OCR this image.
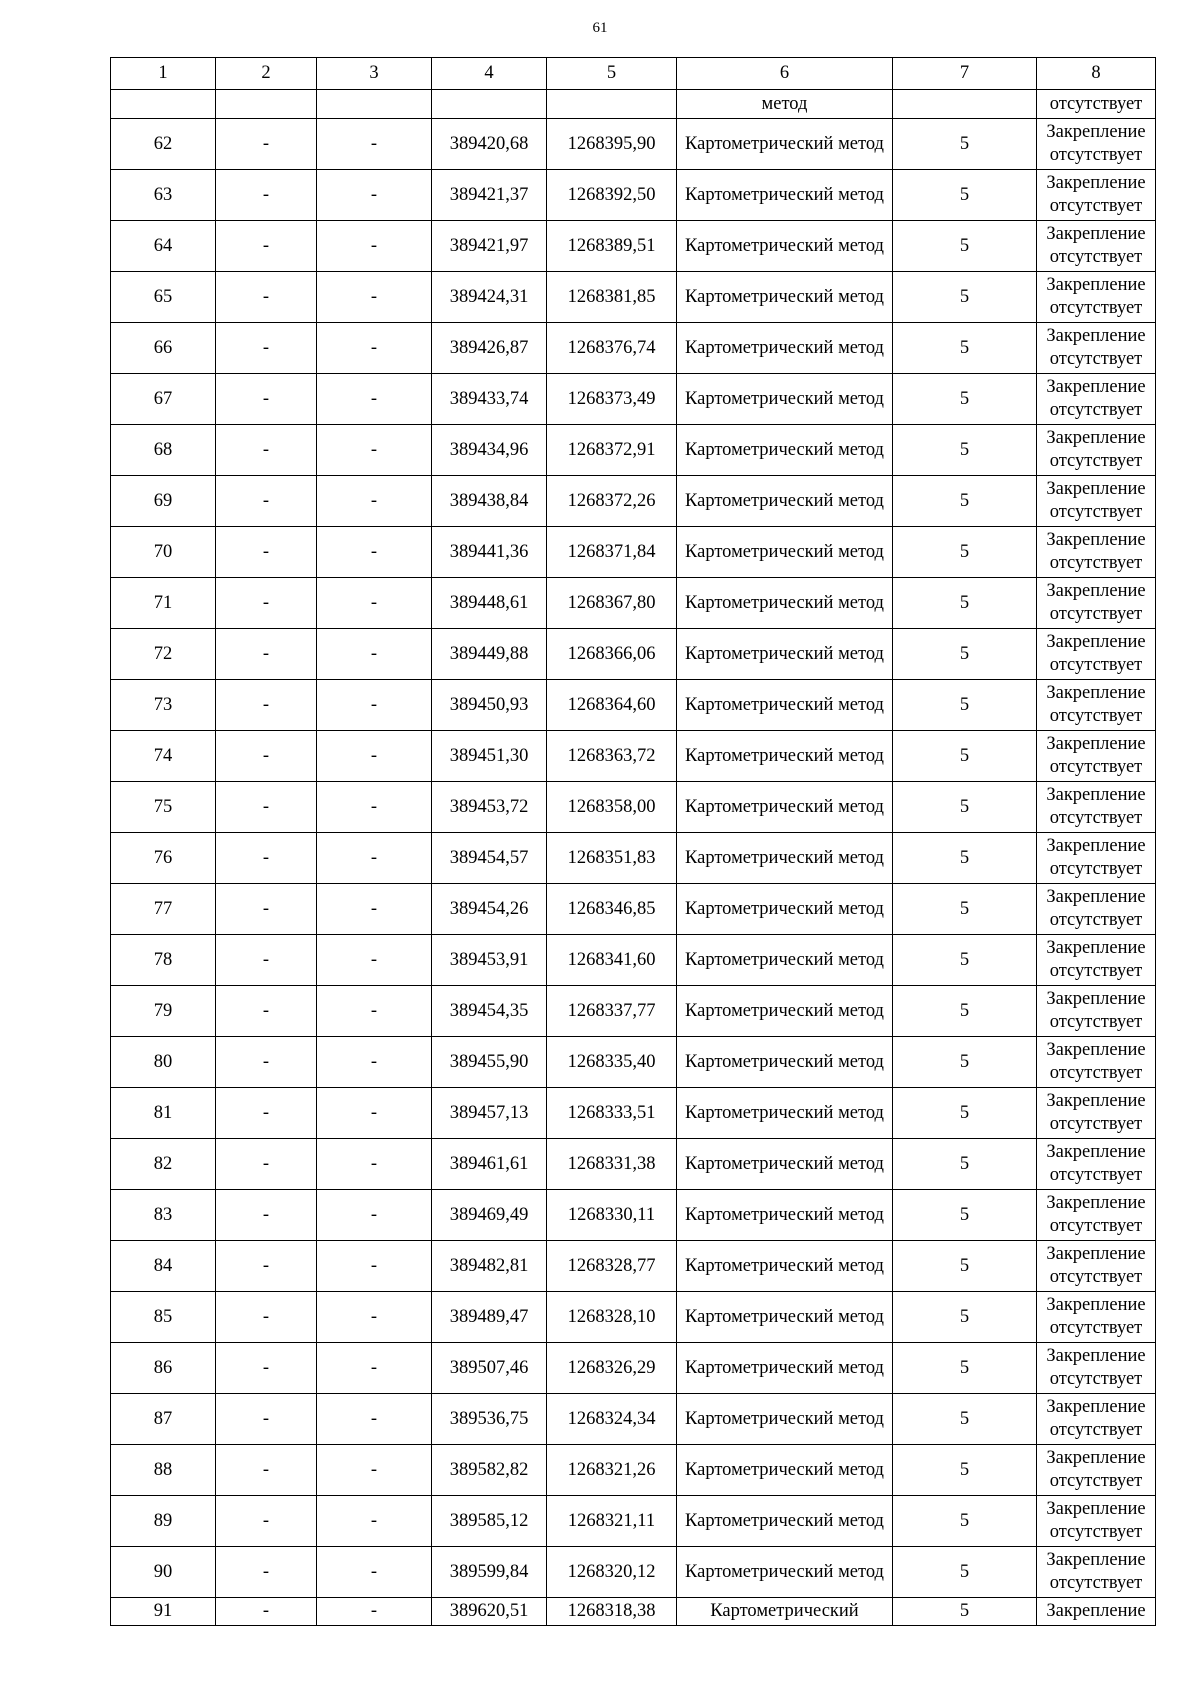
61
1	2	3	4	5	6	7	8
					метод		отсутствует
62	-	-	389420,68	1268395,90	Картометрический метод	5	Закрепление отсутствует
63	-	-	389421,37	1268392,50	Картометрический метод	5	Закрепление отсутствует
64	-	-	389421,97	1268389,51	Картометрический метод	5	Закрепление отсутствует
65	-	-	389424,31	1268381,85	Картометрический метод	5	Закрепление отсутствует
66	-	-	389426,87	1268376,74	Картометрический метод	5	Закрепление отсутствует
67	-	-	389433,74	1268373,49	Картометрический метод	5	Закрепление отсутствует
68	-	-	389434,96	1268372,91	Картометрический метод	5	Закрепление отсутствует
69	-	-	389438,84	1268372,26	Картометрический метод	5	Закрепление отсутствует
70	-	-	389441,36	1268371,84	Картометрический метод	5	Закрепление отсутствует
71	-	-	389448,61	1268367,80	Картометрический метод	5	Закрепление отсутствует
72	-	-	389449,88	1268366,06	Картометрический метод	5	Закрепление отсутствует
73	-	-	389450,93	1268364,60	Картометрический метод	5	Закрепление отсутствует
74	-	-	389451,30	1268363,72	Картометрический метод	5	Закрепление отсутствует
75	-	-	389453,72	1268358,00	Картометрический метод	5	Закрепление отсутствует
76	-	-	389454,57	1268351,83	Картометрический метод	5	Закрепление отсутствует
77	-	-	389454,26	1268346,85	Картометрический метод	5	Закрепление отсутствует
78	-	-	389453,91	1268341,60	Картометрический метод	5	Закрепление отсутствует
79	-	-	389454,35	1268337,77	Картометрический метод	5	Закрепление отсутствует
80	-	-	389455,90	1268335,40	Картометрический метод	5	Закрепление отсутствует
81	-	-	389457,13	1268333,51	Картометрический метод	5	Закрепление отсутствует
82	-	-	389461,61	1268331,38	Картометрический метод	5	Закрепление отсутствует
83	-	-	389469,49	1268330,11	Картометрический метод	5	Закрепление отсутствует
84	-	-	389482,81	1268328,77	Картометрический метод	5	Закрепление отсутствует
85	-	-	389489,47	1268328,10	Картометрический метод	5	Закрепление отсутствует
86	-	-	389507,46	1268326,29	Картометрический метод	5	Закрепление отсутствует
87	-	-	389536,75	1268324,34	Картометрический метод	5	Закрепление отсутствует
88	-	-	389582,82	1268321,26	Картометрический метод	5	Закрепление отсутствует
89	-	-	389585,12	1268321,11	Картометрический метод	5	Закрепление отсутствует
90	-	-	389599,84	1268320,12	Картометрический метод	5	Закрепление отсутствует
91	-	-	389620,51	1268318,38	Картометрический	5	Закрепление
